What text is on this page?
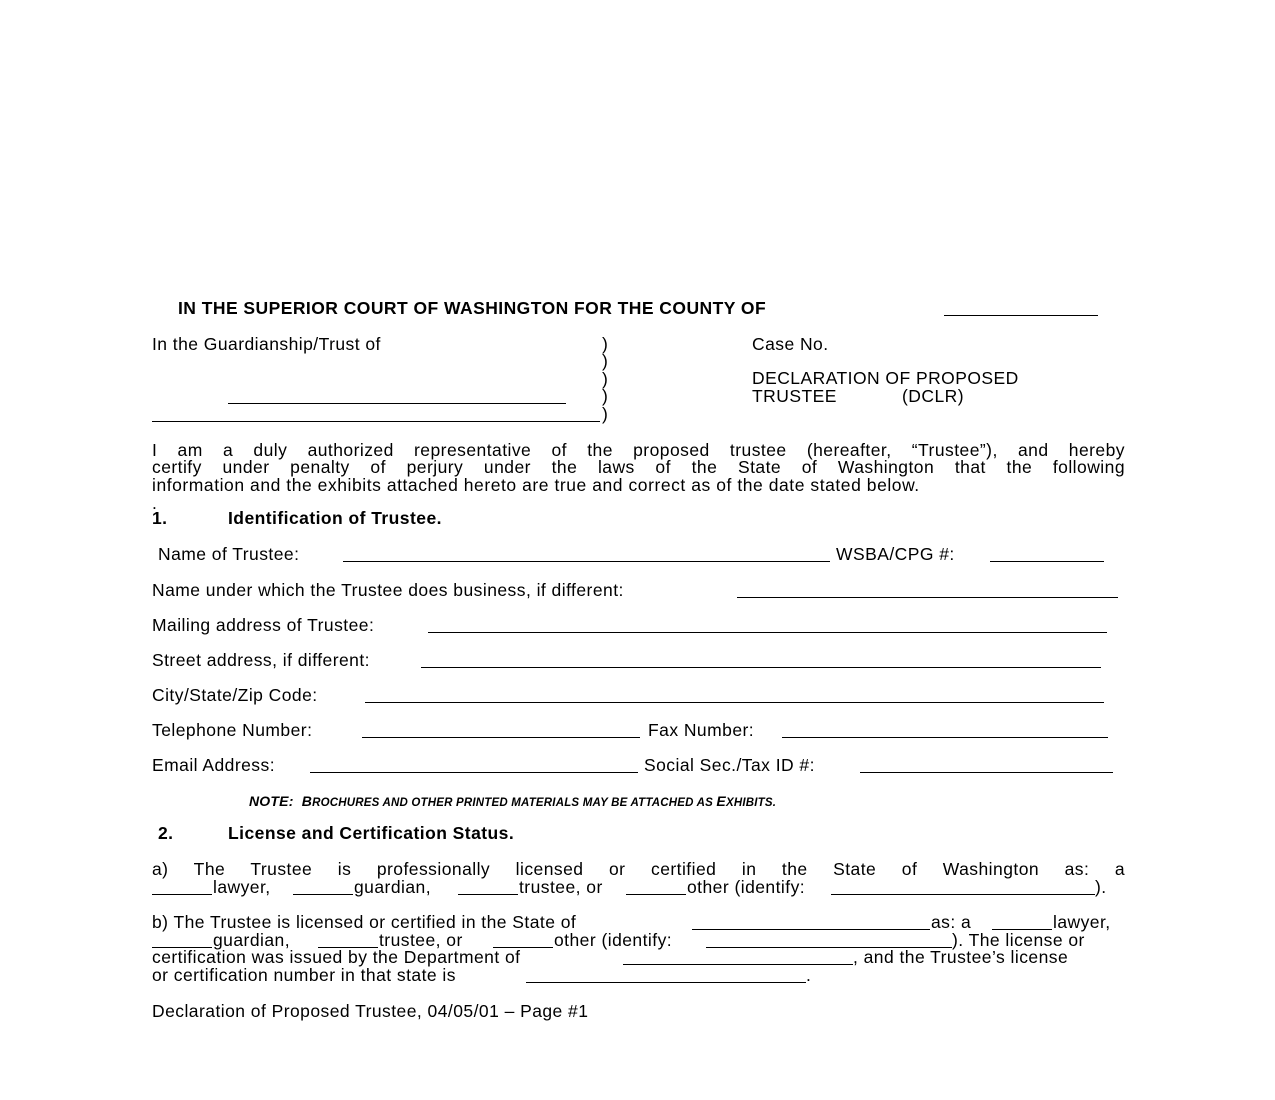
IN THE SUPERIOR COURT OF WASHINGTON FOR THE COUNTY OF
In the Guardianship/Trust of	)
)
)
)
)
Case No.
DECLARATION OF PROPOSED
TRUSTEE	(DCLR)
I am a duly authorized representative of the proposed trustee (hereafter, “Trustee”), and hereby
certify under penalty of perjury under the laws of the State of Washington that the following
information and the exhibits attached hereto are true and correct as of the date stated below.
.
1.	Identification of Trustee.
Name of Trustee:	WSBA/CPG #:
Name under which the Trustee does business, if different:
Mailing address of Trustee:
Street address, if different:
City/State/Zip Code:
Telephone Number:	Fax Number:
Email Address:	Social Sec./Tax ID #:
NOTE: BROCHURES AND OTHER PRINTED MATERIALS MAY BE ATTACHED AS EXHIBITS.
2.	License and Certification Status.
a) The Trustee is professionally licensed or certified in the State of Washington as: a
lawyer,	guardian,	trustee, or	other (identify:	).
b) The Trustee is licensed or certified in the State of	as: a	lawyer,
guardian,	trustee, or	other (identify:	). The license or
certification was issued by the Department of	, and the Trustee’s license
or certification number in that state is	.
Declaration of Proposed Trustee, 04/05/01 – Page #1
